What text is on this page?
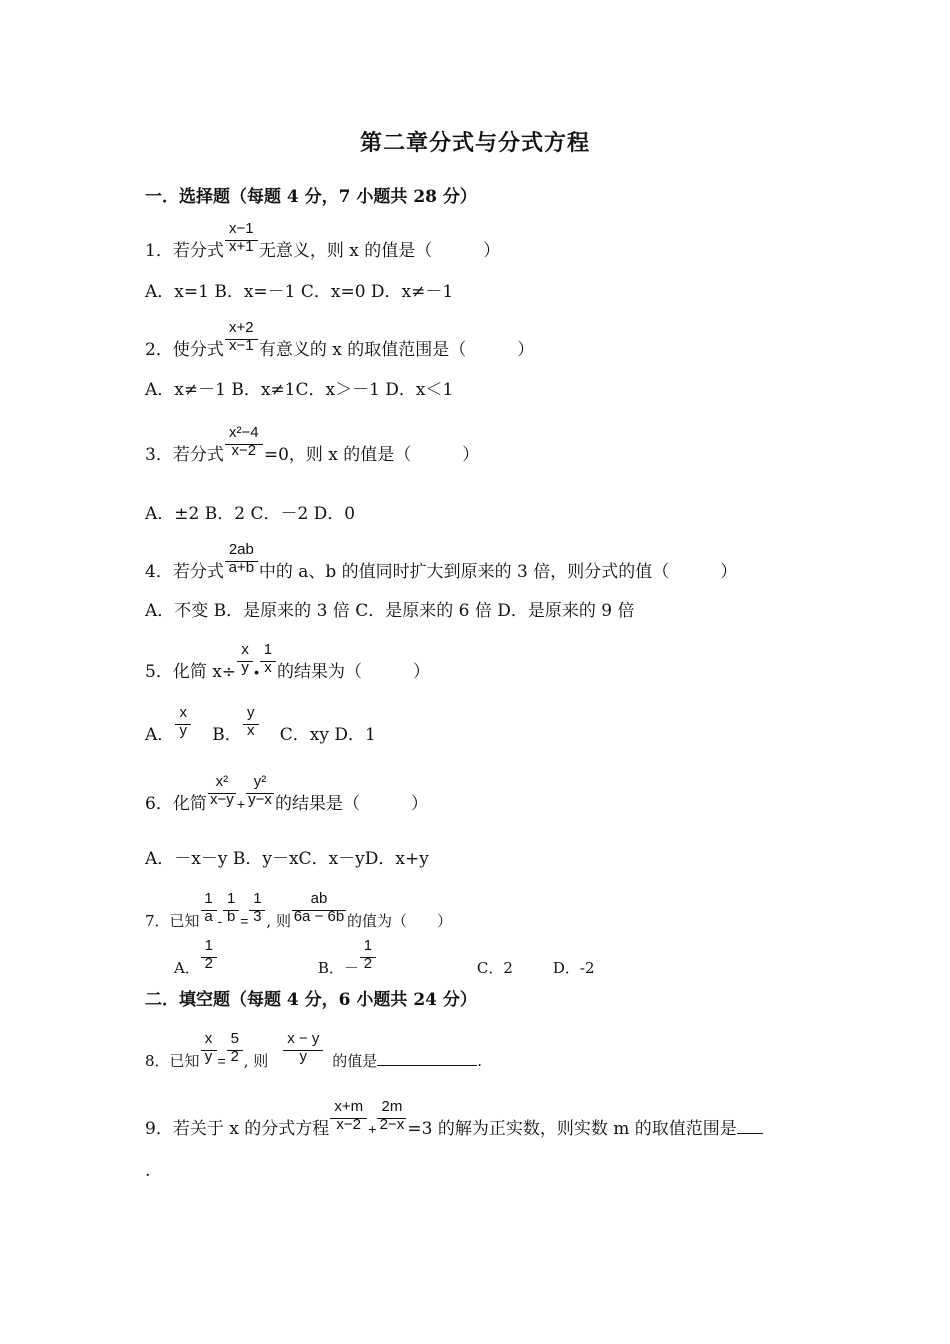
第二章分式与分式方程
一．选择题（每题 4 分，7 小题共 28 分）
1．若分式 $\frac{x-1}{x+1}$ 无意义，则 x 的值是（　　　）
A．x=1 B．x=－1 C．x=0 D．x≠－1
2．使分式 $\frac{x+2}{x-1}$ 有意义的 x 的取值范围是（　　　）
A．x≠－1 B．x≠1C．x＞－1 D．x＜1
3．若分式 $\frac{\text{x²−4}}{x-2} =0$，则 x 的值是（　　　）
A．±2 B．2 C．－2 D．0
4．若分式 $\frac{2ab}{a+b}$ 中的 a、b 的值同时扩大到原来的 3 倍，则分式的值（　　　）
A．不变 B．是原来的 3 倍 C．是原来的 6 倍 D．是原来的 9 倍
5．化简 $x\div \frac{x}{y}$ • $\frac{1}{x}$ 的结果为（　　　）
A． $\frac{x}{y}$ B． $\frac{y}{x}$ C．xy D．1
6．化简 $\frac{\text{x²}}{x-y} + \frac{\text{y²}}{y-x}$ 的结果是（　　　）
A．－x－y B．y－xC．x－yD．x+y
7．已知 $\frac{1}{a} - \frac{1}{b} = \frac{1}{3}$ , 则 $\frac{ab}{6a - 6b}$ 的值为（　　）
A． $\frac{1}{2}$	B．－ $\frac{1}{2}$	C．2	D．-2
二．填空题（每题 4 分，6 小题共 24 分）
8．已知 $\frac{x}{y} = \frac{5}{2}$ , 则 $\frac{x - y}{y}$ 的值是	.
9．若关于 x 的分式方程 $\frac{x+m}{x-2} + \frac{2m}{2-x} =3$ 的解为正实数，则实数 m 的取值范围是
.
